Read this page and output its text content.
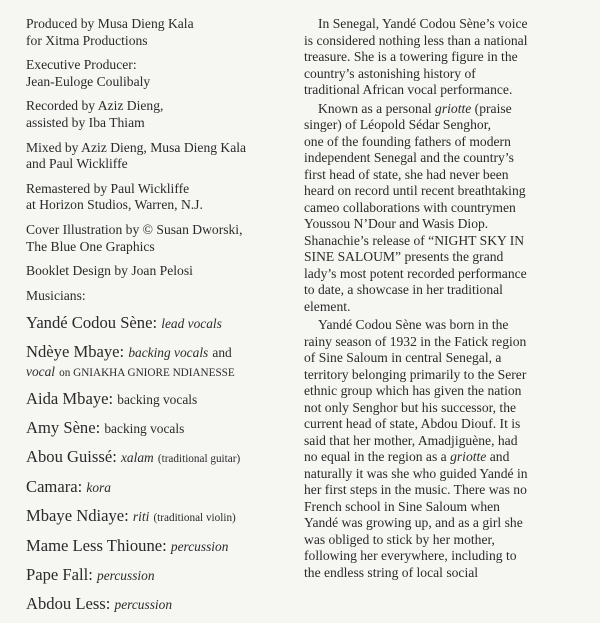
Produced by Musa Dieng Kala
for Xitma Productions
Executive Producer:
Jean-Euloge Coulibaly
Recorded by Aziz Dieng,
assisted by Iba Thiam
Mixed by Aziz Dieng, Musa Dieng Kala
and Paul Wickliffe
Remastered by Paul Wickliffe
at Horizon Studios, Warren, N.J.
Cover Illustration by © Susan Dworski,
The Blue One Graphics
Booklet Design by Joan Pelosi
Musicians:
Yandé Codou Sène: lead vocals
Ndèye Mbaye: backing vocals and
vocal on GNIAKHA GNIORE NDIANESSE
Aida Mbaye: backing vocals
Amy Sène: backing vocals
Abou Guissé: xalam (traditional guitar)
Camara: kora
Mbaye Ndiaye: riti (traditional violin)
Mame Less Thioune: percussion
Pape Fall: percussion
Abdou Less: percussion
In Senegal, Yandé Codou Sène’s voice
is considered nothing less than a national
treasure. She is a towering figure in the
country’s astonishing history of
traditional African vocal performance.
Known as a personal griotte (praise
singer) of Léopold Sédar Senghor,
one of the founding fathers of modern
independent Senegal and the country’s
first head of state, she had never been
heard on record until recent breathtaking
cameo collaborations with countrymen
Youssou N’Dour and Wasis Diop.
Shanachie’s release of “NIGHT SKY IN
SINE SALOUM” presents the grand
lady’s most potent recorded performance
to date, a showcase in her traditional
element.
Yandé Codou Sène was born in the
rainy season of 1932 in the Fatick region
of Sine Saloum in central Senegal, a
territory belonging primarily to the Serer
ethnic group which has given the nation
not only Senghor but his successor, the
current head of state, Abdou Diouf. It is
said that her mother, Amadjiguène, had
no equal in the region as a griotte and
naturally it was she who guided Yandé in
her first steps in the music. There was no
French school in Sine Saloum when
Yandé was growing up, and as a girl she
was obliged to stick by her mother,
following her everywhere, including to
the endless string of local social
